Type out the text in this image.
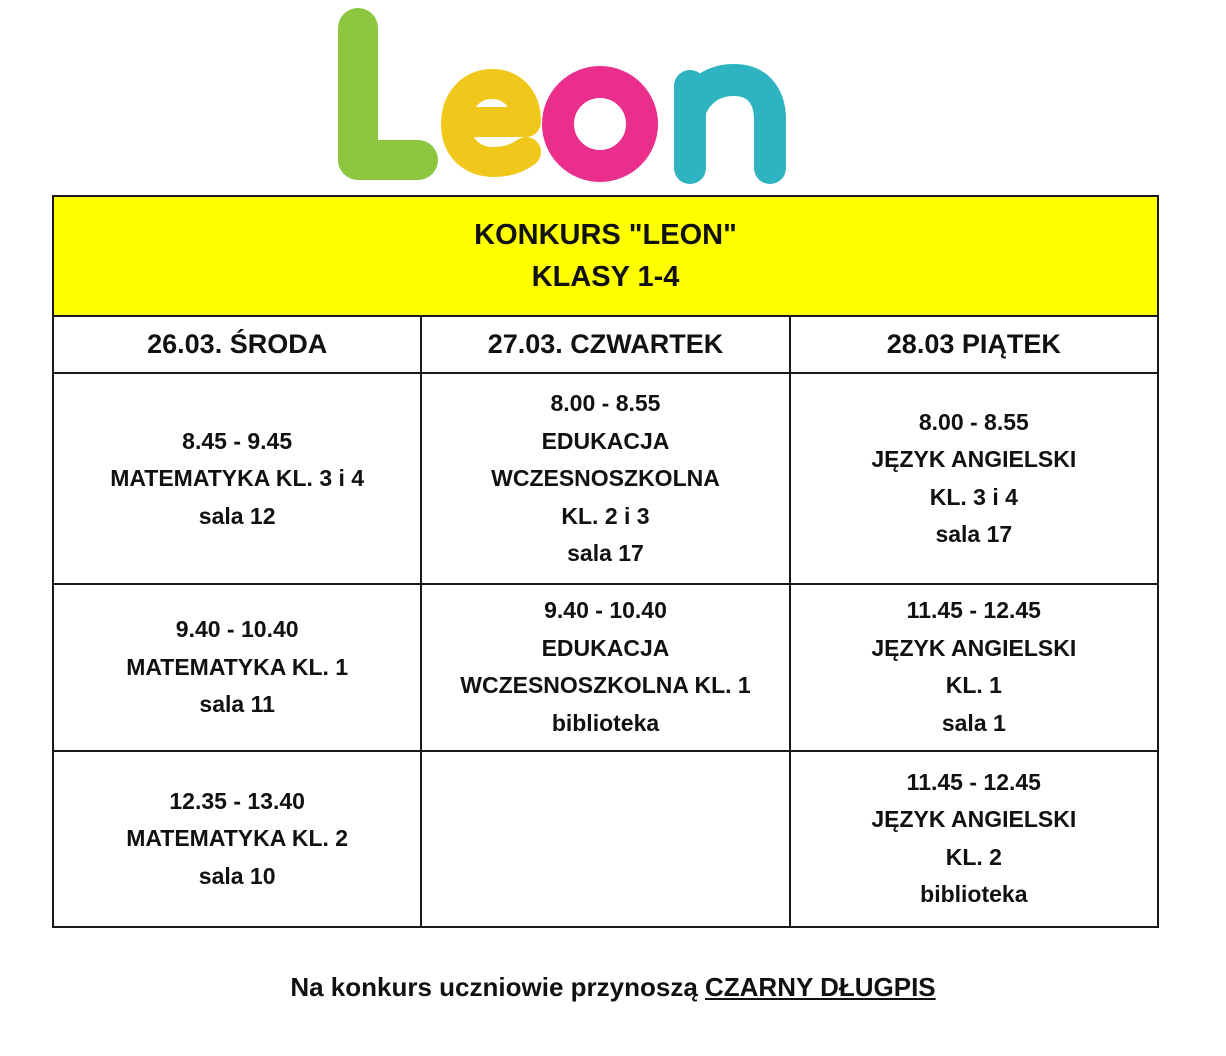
KONKURS "LEON"
KLASY 1-4		

26.03. ŚRODA	27.03. CZWARTEK	28.03 PIĄTEK

8.45 - 9.45
MATEMATYKA KL. 3 i 4
sala 12	8.00 - 8.55
EDUKACJA
WCZESNOSZKOLNA
KL. 2 i 3
sala 17	8.00 - 8.55
JĘZYK ANGIELSKI
KL. 3 i 4
sala 17

9.40 - 10.40
MATEMATYKA KL. 1
sala 11	9.40 - 10.40
EDUKACJA
WCZESNOSZKOLNA KL. 1
biblioteka	11.45 - 12.45
JĘZYK ANGIELSKI
KL. 1
sala 1

12.35 - 13.40
MATEMATYKA KL. 2
sala 10		11.45 - 12.45
JĘZYK ANGIELSKI
KL. 2
biblioteka
Na konkurs uczniowie przynoszą CZARNY DŁUGPIS
